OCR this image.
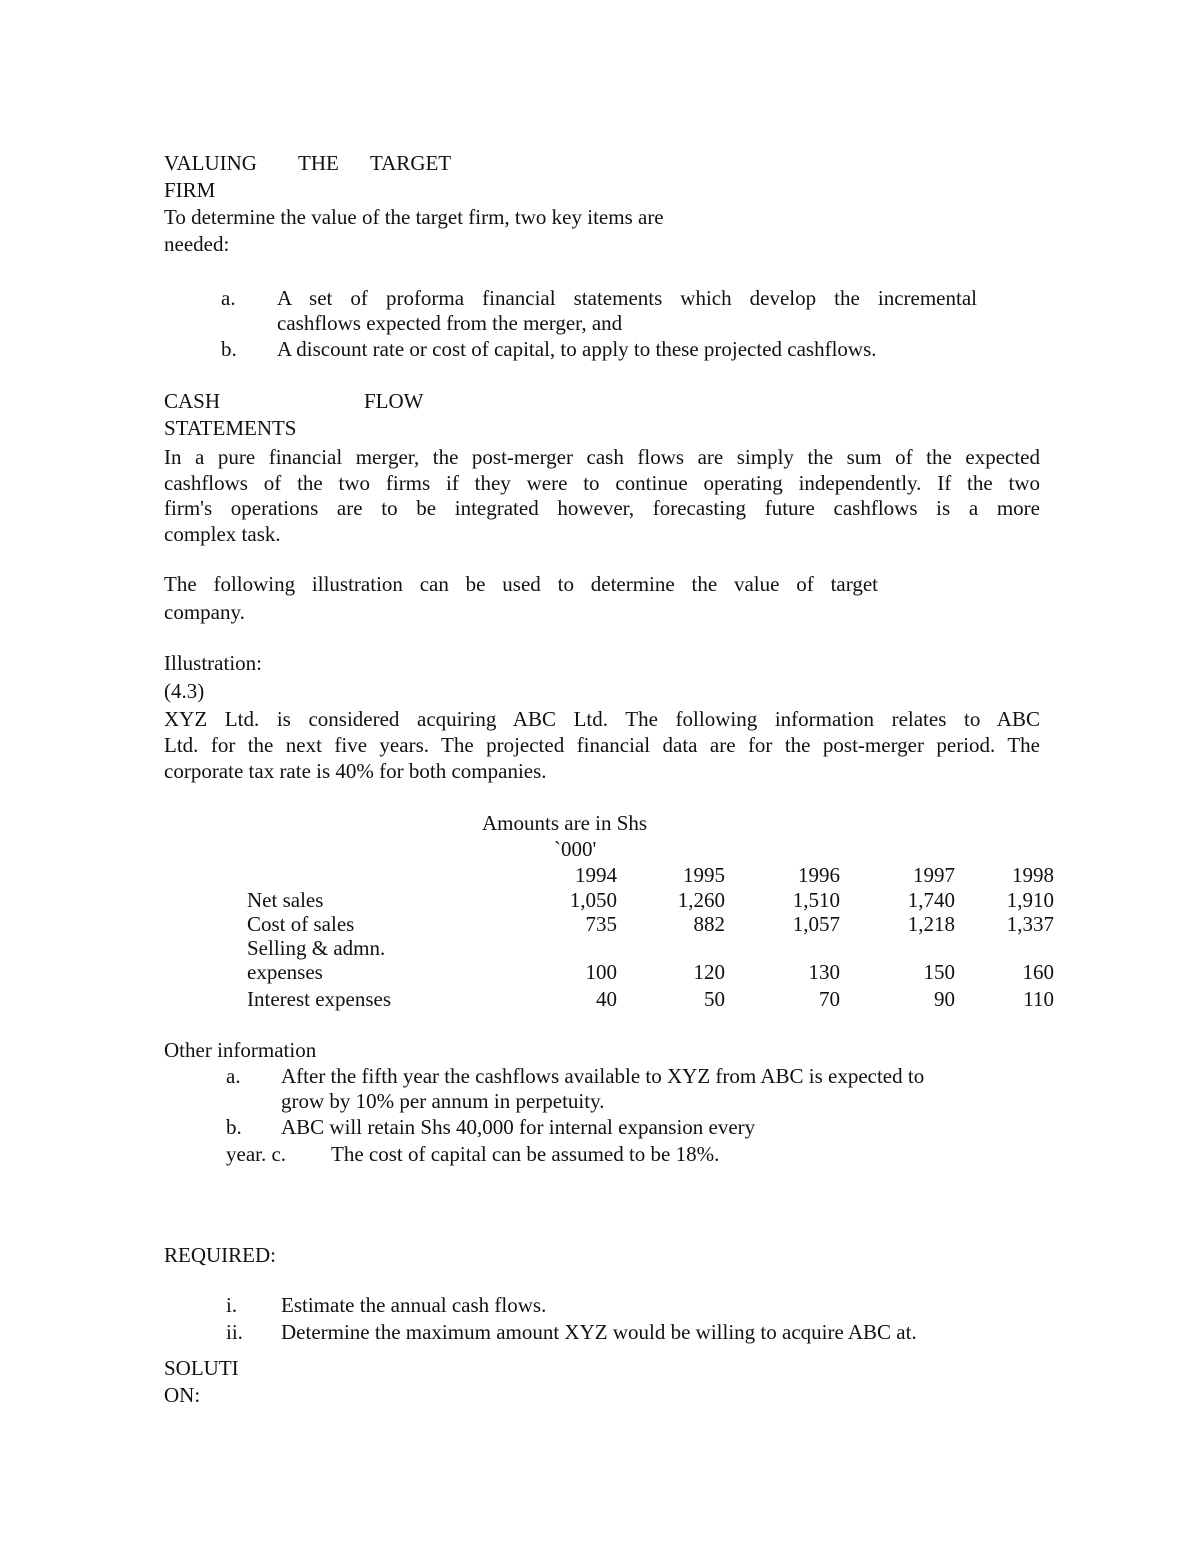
VALUING THE TARGET
FIRM
To determine the value of the target firm, two key items are
needed:
a. A set of proforma financial statements which develop the incremental
cashflows expected from the merger, and
b. A discount rate or cost of capital, to apply to these projected cashflows.
CASH	FLOW
STATEMENTS
In a pure financial merger, the post-merger cash flows are simply the sum of the expected
cashflows of the two firms if they were to continue operating independently. If the two
firm's operations are to be integrated however, forecasting future cashflows is a more
complex task.
The following illustration can be used to determine the value of target
company.
Illustration:
(4.3)
XYZ Ltd. is considered acquiring ABC Ltd. The following information relates to ABC
Ltd. for the next five years. The projected financial data are for the post-merger period. The
corporate tax rate is 40% for both companies.
Amounts are in Shs
`000'
1994	1995	1996	1997	1998
Net sales	1,050	1,260	1,510	1,740	1,910
Cost of sales	735	882	1,057	1,218	1,337
Selling & admn.
expenses	100	120	130	150	160
Interest expenses	40	50	70	90	110
Other information
a. After the fifth year the cashflows available to XYZ from ABC is expected to
grow by 10% per annum in perpetuity.
b. ABC will retain Shs 40,000 for internal expansion every
year. c. The cost of capital can be assumed to be 18%.
REQUIRED:
i. Estimate the annual cash flows.
ii. Determine the maximum amount XYZ would be willing to acquire ABC at.
SOLUTI
ON:
